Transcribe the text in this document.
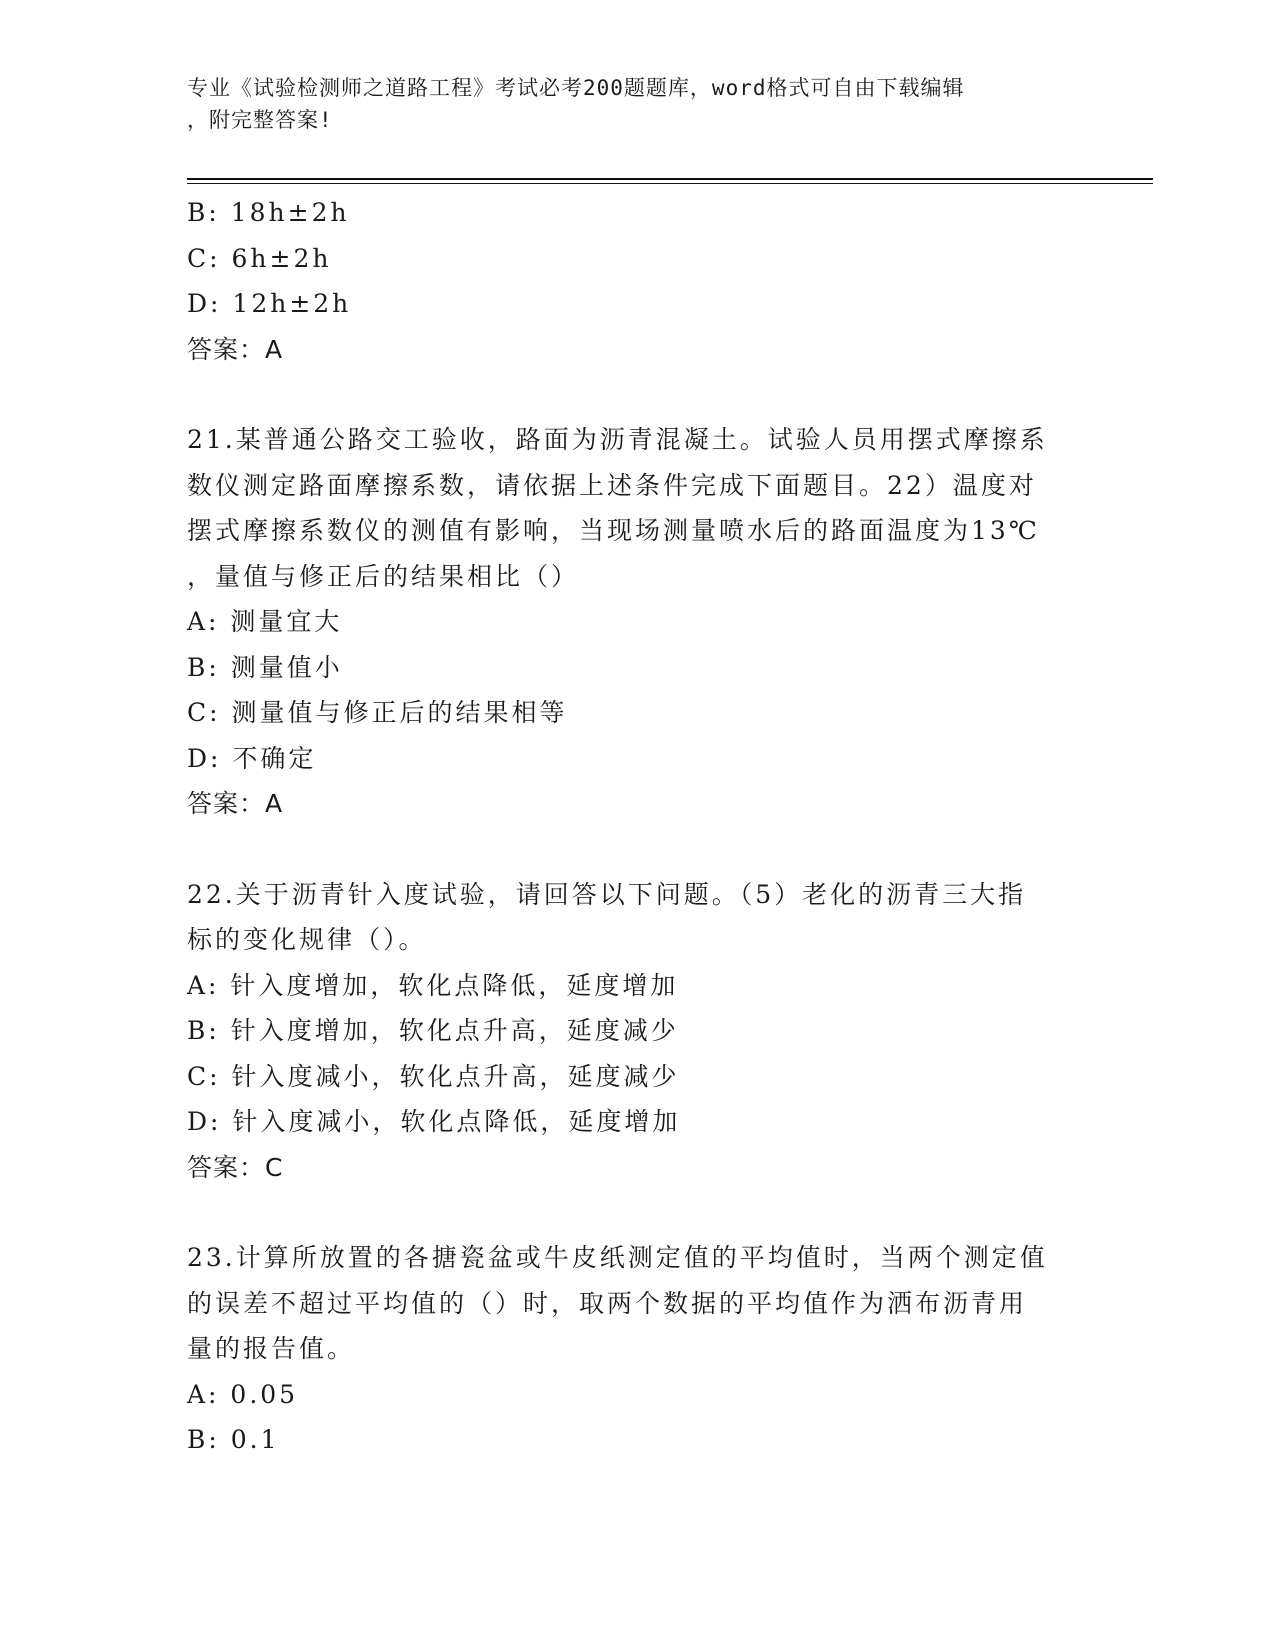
专业《试验检测师之道路工程》考试必考200题题库，word格式可自由下载编辑
，附完整答案!
B: 18h±2h
C: 6h±2h
D: 12h±2h
答案：A
21.某普通公路交工验收，路面为沥青混凝土。试验人员用摆式摩擦系
数仪测定路面摩擦系数，请依据上述条件完成下面题目。22）温度对
摆式摩擦系数仪的测值有影响，当现场测量喷水后的路面温度为13℃
，量值与修正后的结果相比（）
A: 测量宜大
B: 测量值小
C: 测量值与修正后的结果相等
D: 不确定
答案：A
22.关于沥青针入度试验，请回答以下问题。（5）老化的沥青三大指
标的变化规律（）。
A: 针入度增加，软化点降低，延度增加
B: 针入度增加，软化点升高，延度减少
C: 针入度减小，软化点升高，延度减少
D: 针入度减小，软化点降低，延度增加
答案：C
23.计算所放置的各搪瓷盆或牛皮纸测定值的平均值时，当两个测定值
的误差不超过平均值的（）时，取两个数据的平均值作为洒布沥青用
量的报告值。
A: 0.05
B: 0.1
